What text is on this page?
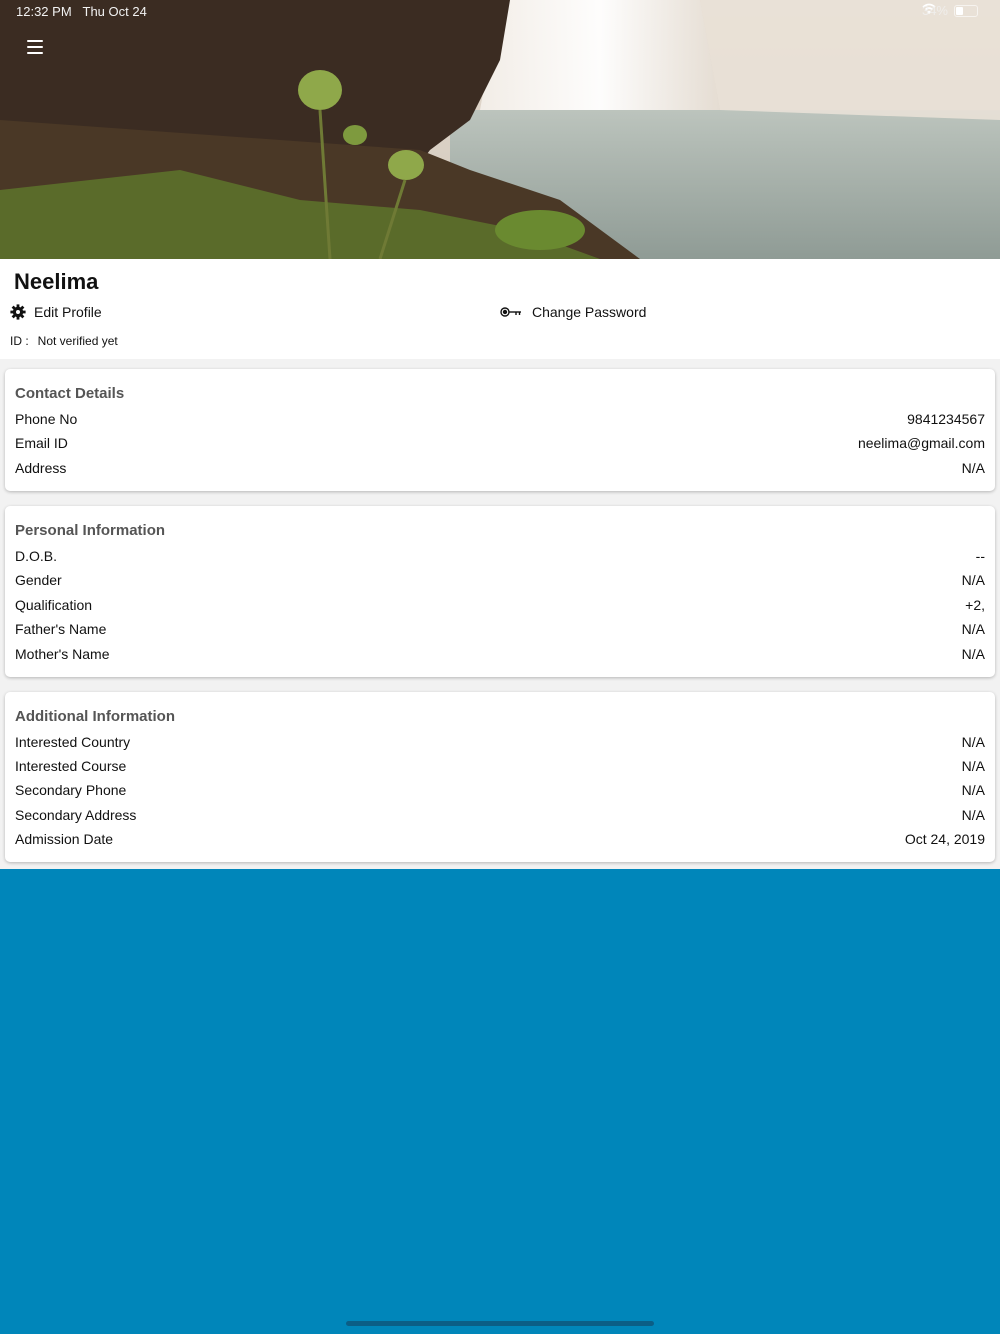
12:32 PM Thu Oct 24	34%
Neelima
Edit Profile	Change Password
ID : Not verified yet
Contact Details
Phone No	9841234567
Email ID	neelima@gmail.com
Address	N/A
Personal Information
D.O.B.	--
Gender	N/A
Qualification	+2,
Father's Name	N/A
Mother's Name	N/A
Additional Information
Interested Country	N/A
Interested Course	N/A
Secondary Phone	N/A
Secondary Address	N/A
Admission Date	Oct 24, 2019
